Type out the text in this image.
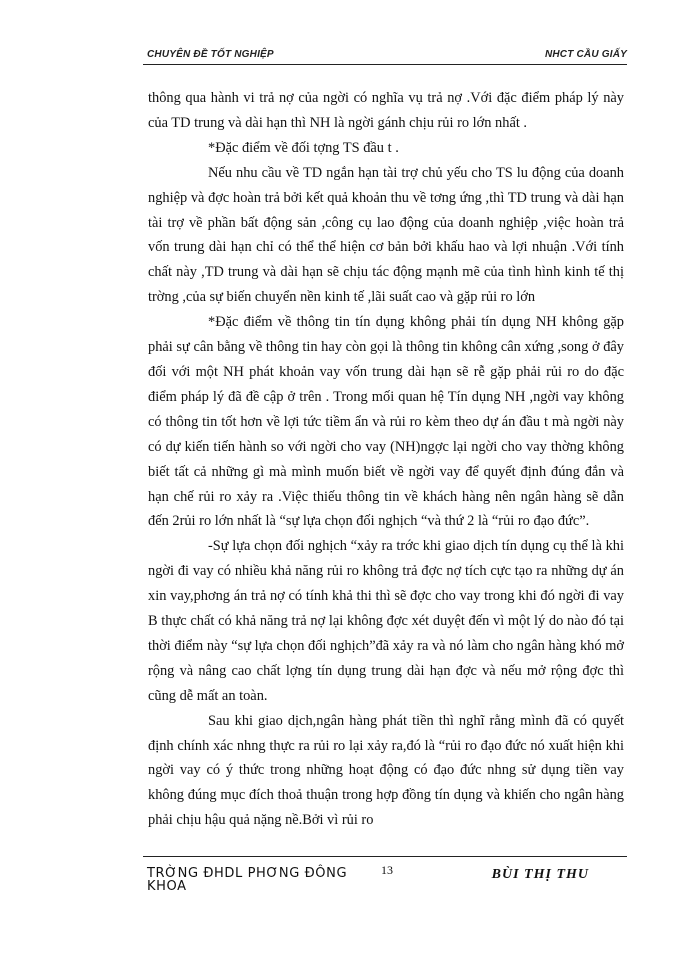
CHUYÊN ĐỀ TỐT NGHIỆP	NHCT CẦU GIẤY

thông qua hành vi trả nợ của ngời có nghĩa vụ trả nợ .Với đặc điểm pháp lý này của TD trung và dài hạn thì NH là ngời gánh chịu rủi ro lớn nhất .

*Đặc điểm về đối tợng TS đầu t .

Nếu nhu cầu về TD ngắn hạn tài trợ chủ yếu cho TS lu động của doanh nghiệp và đợc hoàn trả bởi kết quả khoản thu về tơng ứng ,thì TD trung và dài hạn tài trợ về phần bất động sản ,công cụ lao động của doanh nghiệp ,việc hoàn trả vốn trung dài hạn chỉ có thể thể hiện cơ bản bởi khấu hao và lợi nhuận .Với tính chất này ,TD trung và dài hạn sẽ chịu tác động mạnh mẽ của tình hình kinh tế thị trờng ,của sự biến chuyển nền kinh tế ,lãi suất cao và gặp rủi ro lớn

*Đặc điểm về thông tin tín dụng không phải tín dụng NH không gặp phải sự cân bằng về thông tin hay còn gọi là thông tin không cân xứng ,song ở đây đối với một NH phát khoản vay vốn trung dài hạn sẽ rễ gặp phải rủi ro do đặc điểm pháp lý đã đề cập ở trên . Trong mối quan hệ Tín dụng NH ,ngời vay không có thông tin tốt hơn về lợi tức tiềm ẩn và rủi ro kèm theo dự án đầu t mà ngời này có dự kiến tiến hành so với ngời cho vay (NH)ngợc lại ngời cho vay thờng không biết tất cả những gì mà mình muốn biết về ngời vay để quyết định đúng đắn và hạn chế rủi ro xảy ra .Việc thiếu thông tin về khách hàng nên ngân hàng sẽ dẫn đến 2rủi ro lớn nhất là “sự lựa chọn đối nghịch “và thứ 2 là “rủi ro đạo đức”.

-Sự lựa chọn đối nghịch “xảy ra trớc khi giao dịch tín dụng cụ thể là khi ngời đi vay có nhiều khả năng rủi ro không trả đợc nợ tích cực tạo ra những dự án xin vay,phơng án trả nợ có tính khả thi thì sẽ đợc cho vay trong khi đó ngời đi vay B thực chất có khả năng trả nợ lại không đợc xét duyệt đến vì một lý do nào đó tại thời điểm này “sự lựa chọn đối nghịch”đã xảy ra và nó làm cho ngân hàng khó mở rộng và nâng cao chất lợng tín dụng trung dài hạn đợc và nếu mở rộng đợc thì cũng dễ mất an toàn.

Sau khi giao dịch,ngân hàng phát tiền thì nghĩ rằng mình đã có quyết định chính xác nhng thực ra rủi ro lại xảy ra,đó là “rủi ro đạo đức nó xuất hiện khi ngời vay có ý thức trong những hoạt động có đạo đức nhng sử dụng tiền vay không đúng mục đích thoả thuận trong hợp đồng tín dụng và khiến cho ngân hàng phải chịu hậu quả nặng nề.Bởi vì rủi ro

TRỜNG ĐHDL PHƠNG ĐÔNG KHOA
13	BÙI THỊ THU
